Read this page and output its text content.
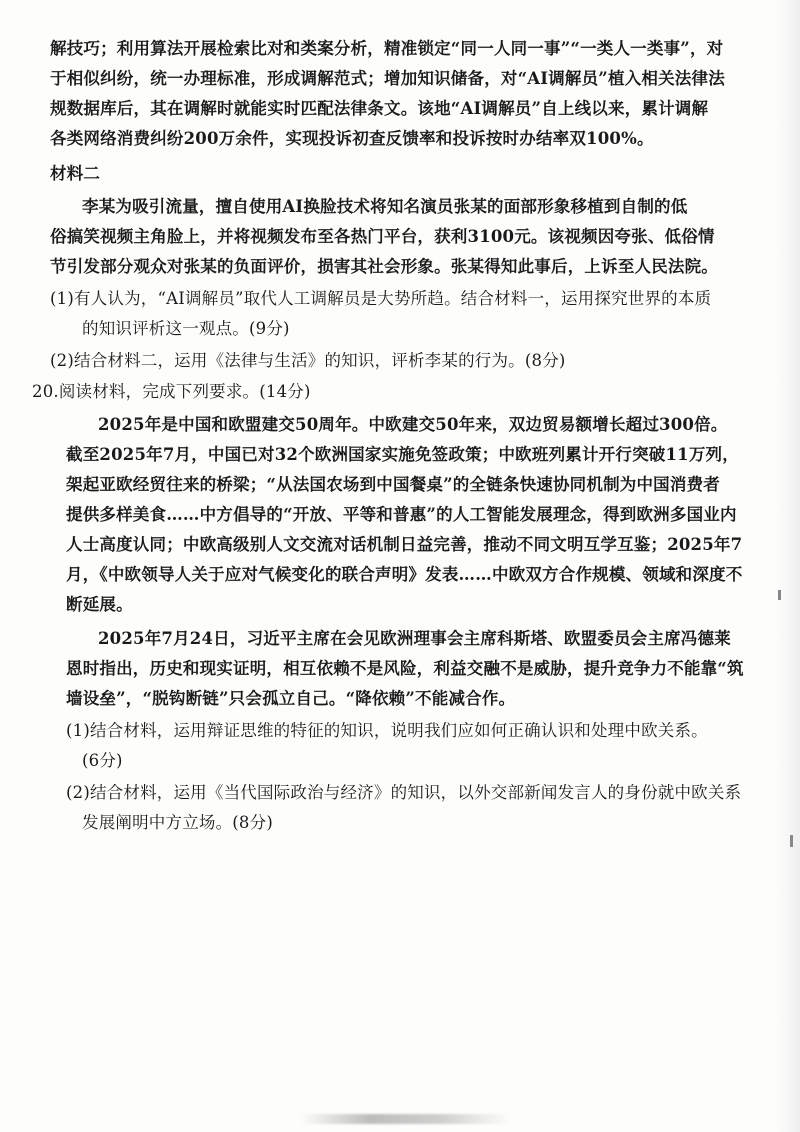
解技巧；利用算法开展检索比对和类案分析，精准锁定“同一人同一事”“一类人一类事”，对
于相似纠纷，统一办理标准，形成调解范式；增加知识储备，对“AI调解员”植入相关法律法
规数据库后，其在调解时就能实时匹配法律条文。该地“AI调解员”自上线以来，累计调解
各类网络消费纠纷200万余件，实现投诉初查反馈率和投诉按时办结率双100%。
材料二
李某为吸引流量，擅自使用AI换脸技术将知名演员张某的面部形象移植到自制的低
俗搞笑视频主角脸上，并将视频发布至各热门平台，获利3100元。该视频因夸张、低俗情
节引发部分观众对张某的负面评价，损害其社会形象。张某得知此事后，上诉至人民法院。
(1)有人认为，“AI调解员”取代人工调解员是大势所趋。结合材料一，运用探究世界的本质
的知识评析这一观点。(9分)
(2)结合材料二，运用《法律与生活》的知识，评析李某的行为。(8分)
20.阅读材料，完成下列要求。(14分)
2025年是中国和欧盟建交50周年。中欧建交50年来，双边贸易额增长超过300倍。
截至2025年7月，中国已对32个欧洲国家实施免签政策；中欧班列累计开行突破11万列，
架起亚欧经贸往来的桥梁；“从法国农场到中国餐桌”的全链条快速协同机制为中国消费者
提供多样美食……中方倡导的“开放、平等和普惠”的人工智能发展理念，得到欧洲多国业内
人士高度认同；中欧高级别人文交流对话机制日益完善，推动不同文明互学互鉴；2025年7
月，《中欧领导人关于应对气候变化的联合声明》发表……中欧双方合作规模、领域和深度不
断延展。
2025年7月24日，习近平主席在会见欧洲理事会主席科斯塔、欧盟委员会主席冯德莱
恩时指出，历史和现实证明，相互依赖不是风险，利益交融不是威胁，提升竞争力不能靠“筑
墙设垒”，“脱钩断链”只会孤立自己。“降依赖”不能减合作。
(1)结合材料，运用辩证思维的特征的知识，说明我们应如何正确认识和处理中欧关系。
(6分)
(2)结合材料，运用《当代国际政治与经济》的知识，以外交部新闻发言人的身份就中欧关系
发展阐明中方立场。(8分)
